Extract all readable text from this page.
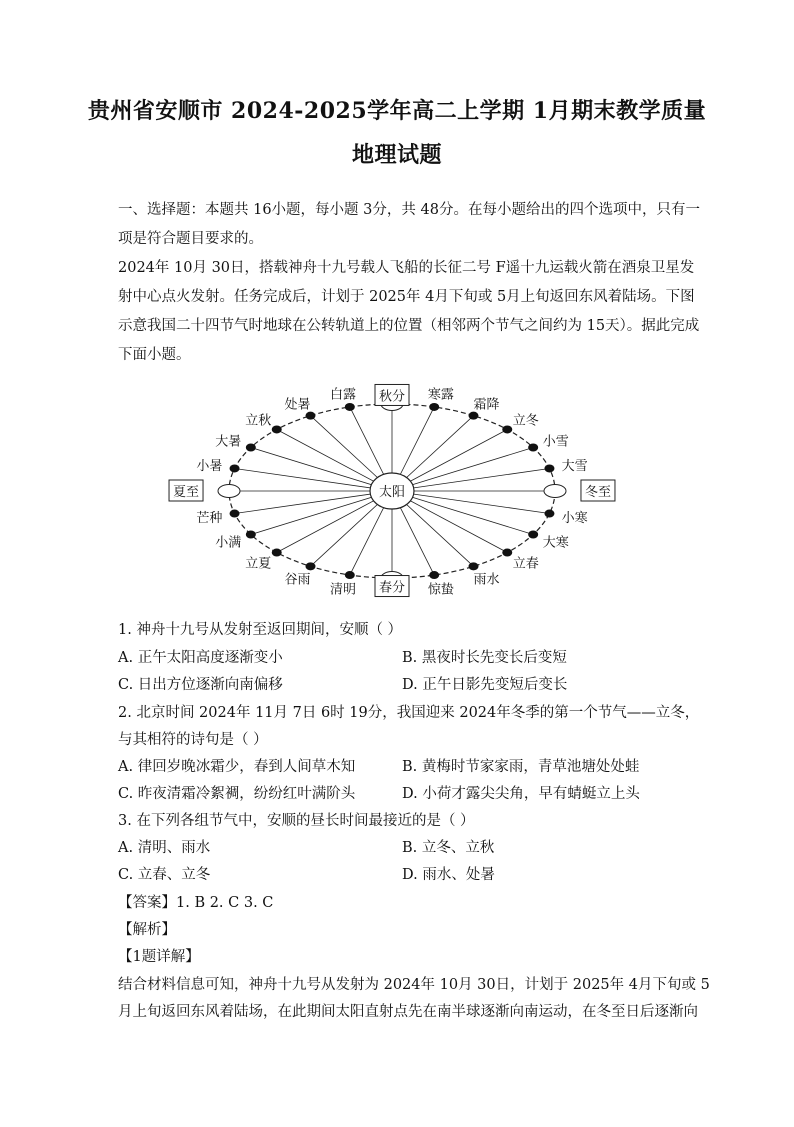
贵州省安顺市 2024-2025学年高二上学期 1月期末教学质量
地理试题
一、选择题：本题共 16小题，每小题 3分，共 48分。在每小题给出的四个选项中，只有一
项是符合题目要求的。
2024年 10月 30日，搭载神舟十九号载人飞船的长征二号 F遥十九运载火箭在酒泉卫星发
射中心点火发射。任务完成后，计划于 2025年 4月下旬或 5月上旬返回东风着陆场。下图
示意我国二十四节气时地球在公转轨道上的位置（相邻两个节气之间约为 15天）。据此完成
下面小题。
太阳	冬至
小寒
大寒
立春
雨水
惊蛰
春分
清明
谷雨
立夏
小满
芒种
夏至
小暑
大暑
立秋
处暑
白露 秋分 寒露
霜降
立冬
小雪
大雪
1. 神舟十九号从发射至返回期间，安顺（ ）
A. 正午太阳高度逐渐变小	B. 黑夜时长先变长后变短
C. 日出方位逐渐向南偏移	D. 正午日影先变短后变长
2. 北京时间 2024年 11月 7日 6时 19分，我国迎来 2024年冬季的第一个节气——立冬，
与其相符的诗句是（ ）
A. 律回岁晚冰霜少，春到人间草木知	B. 黄梅时节家家雨，青草池塘处处蛙
C. 昨夜清霜冷絮裯，纷纷红叶满阶头	D. 小荷才露尖尖角，早有蜻蜓立上头
3. 在下列各组节气中，安顺的昼长时间最接近的是（ ）
A. 清明、雨水	B. 立冬、立秋
C. 立春、立冬	D. 雨水、处暑
【答案】1. B 2. C 3. C
【解析】
【1题详解】
结合材料信息可知，神舟十九号从发射为 2024年 10月 30日，计划于 2025年 4月下旬或 5
月上旬返回东风着陆场，在此期间太阳直射点先在南半球逐渐向南运动，在冬至日后逐渐向
